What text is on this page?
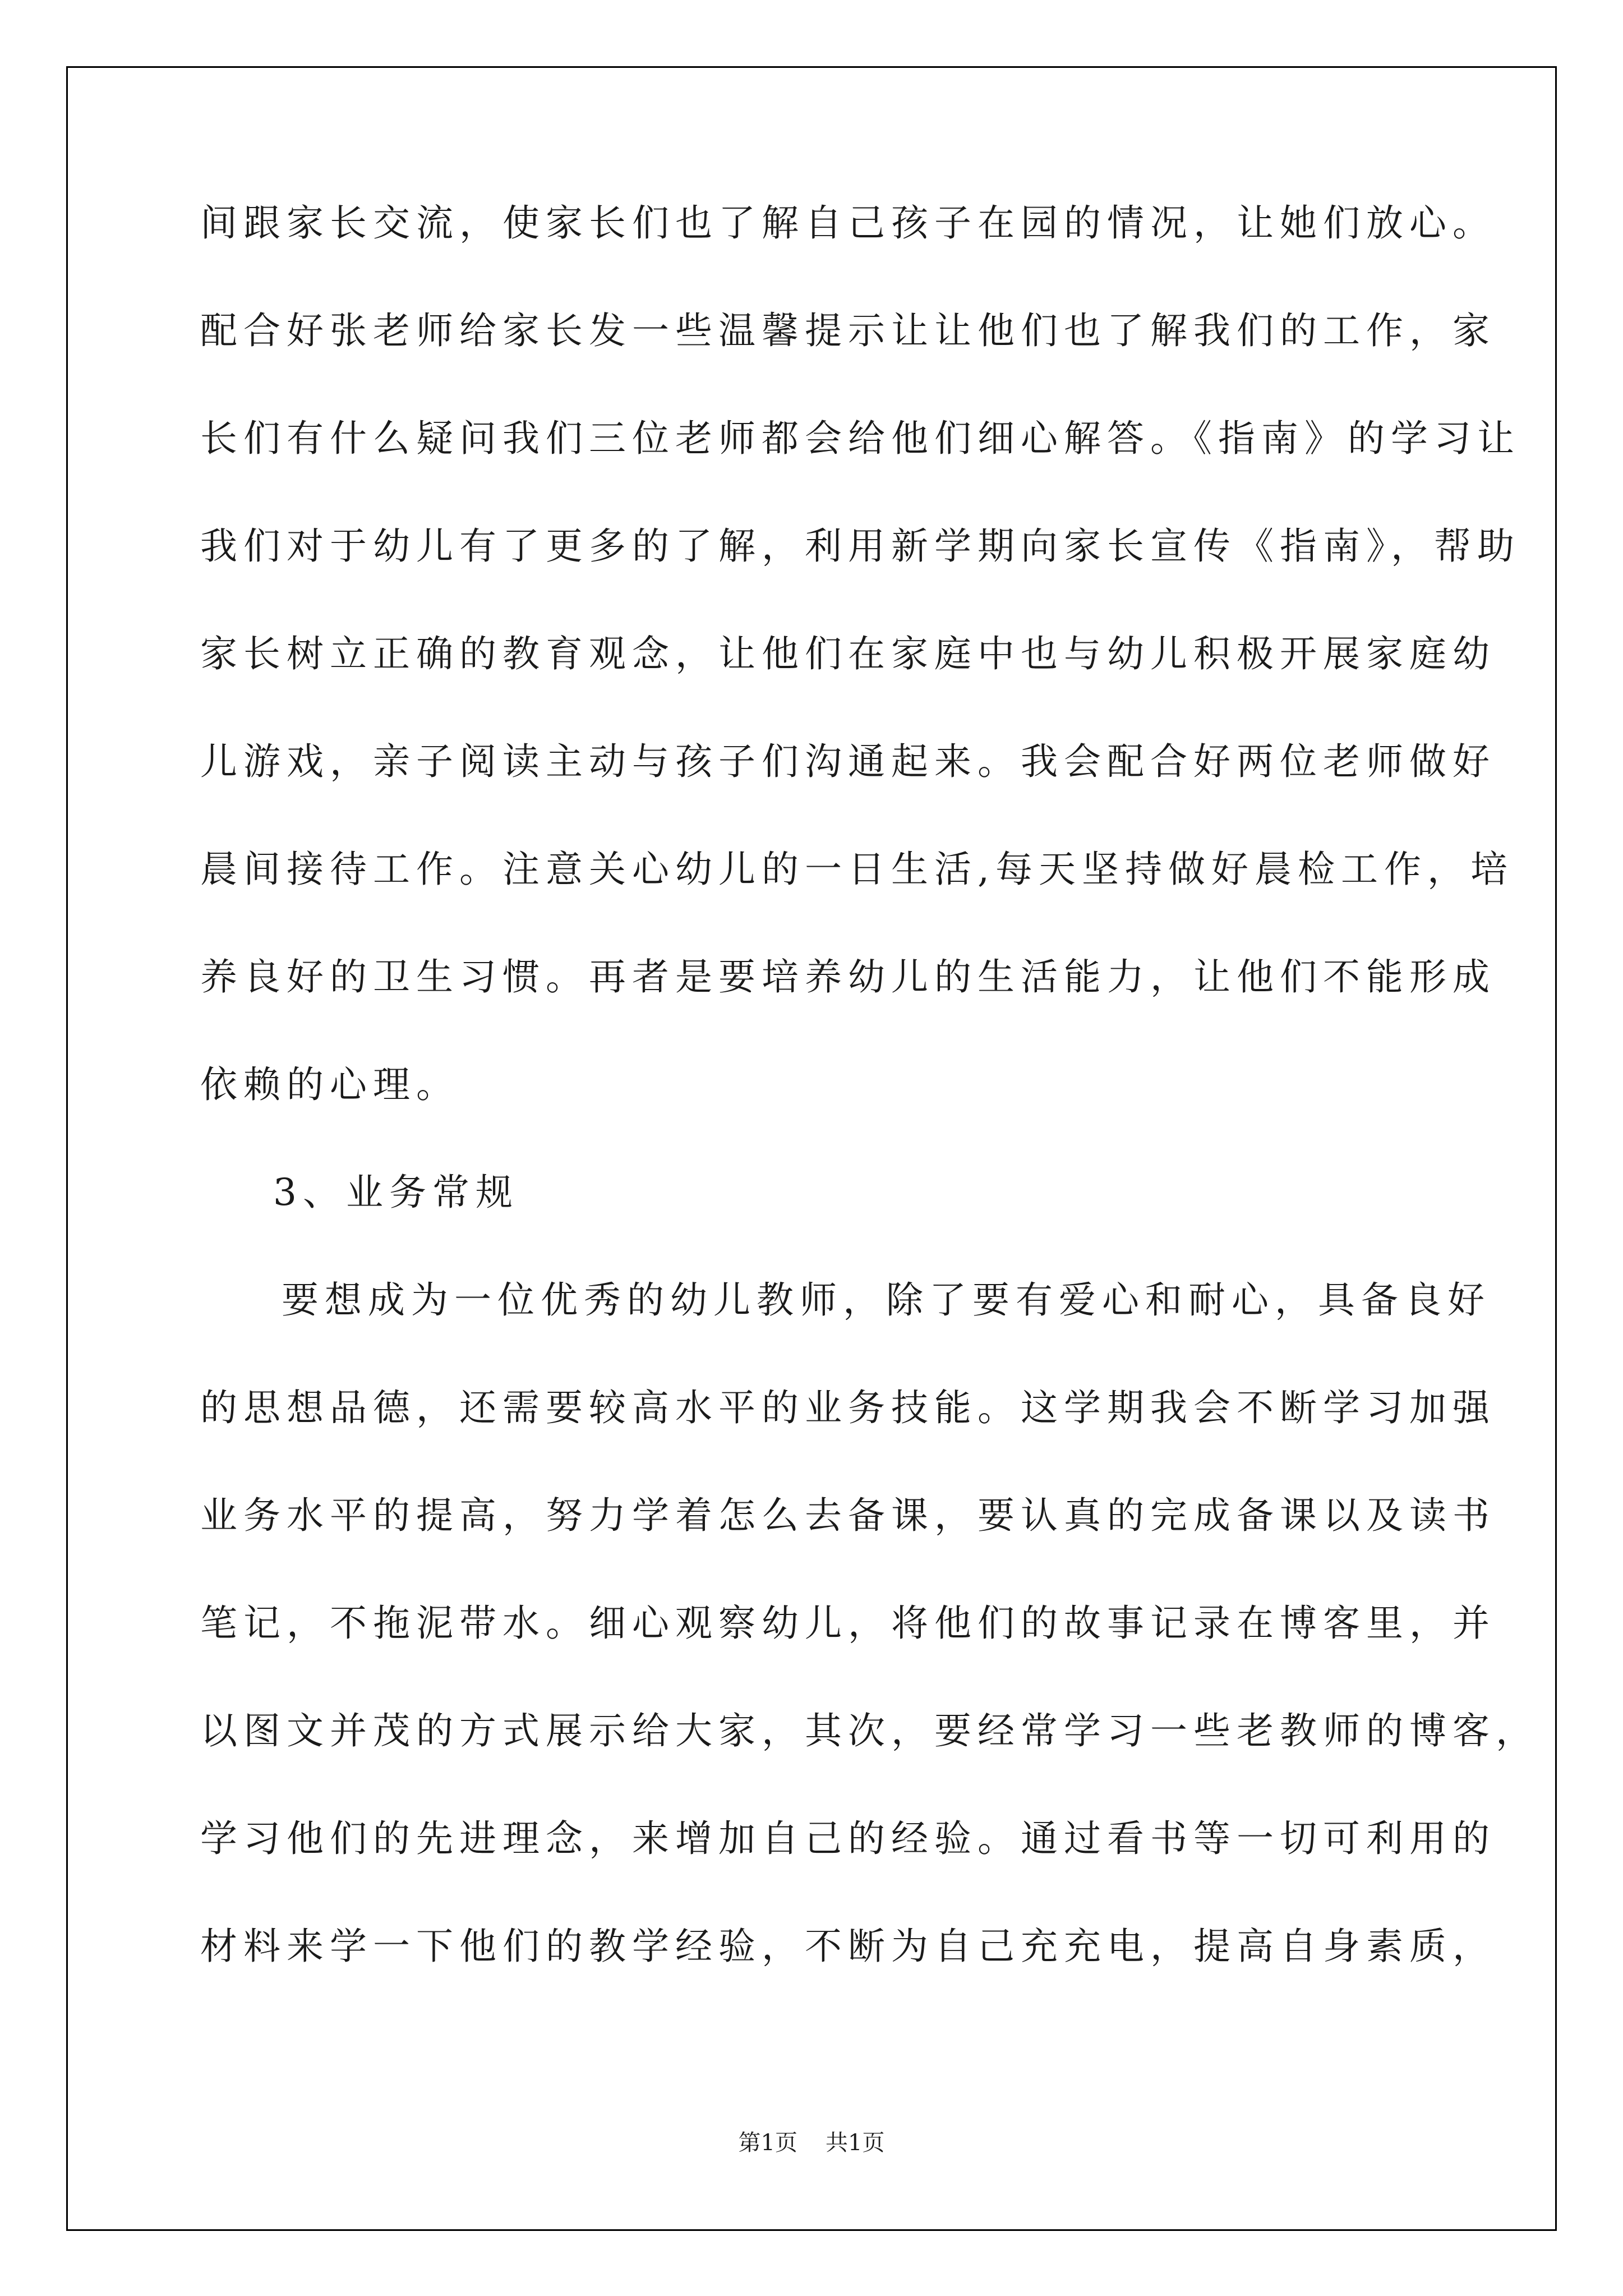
间跟家长交流，使家长们也了解自己孩子在园的情况，让她们放心。
配合好张老师给家长发一些温馨提示让让他们也了解我们的工作，家
长们有什么疑问我们三位老师都会给他们细心解答。《指南》的学习让
我们对于幼儿有了更多的了解，利用新学期向家长宣传《指南》，帮助
家长树立正确的教育观念，让他们在家庭中也与幼儿积极开展家庭幼
儿游戏，亲子阅读主动与孩子们沟通起来。我会配合好两位老师做好
晨间接待工作。注意关心幼儿的一日生活,每天坚持做好晨检工作，培
养良好的卫生习惯。再者是要培养幼儿的生活能力，让他们不能形成
依赖的心理。
3、业务常规
要想成为一位优秀的幼儿教师，除了要有爱心和耐心，具备良好
的思想品德，还需要较高水平的业务技能。这学期我会不断学习加强
业务水平的提高，努力学着怎么去备课，要认真的完成备课以及读书
笔记，不拖泥带水。细心观察幼儿，将他们的故事记录在博客里，并
以图文并茂的方式展示给大家，其次，要经常学习一些老教师的博客，
学习他们的先进理念，来增加自己的经验。通过看书等一切可利用的
材料来学一下他们的教学经验，不断为自己充充电，提高自身素质，
第1页 共1页
